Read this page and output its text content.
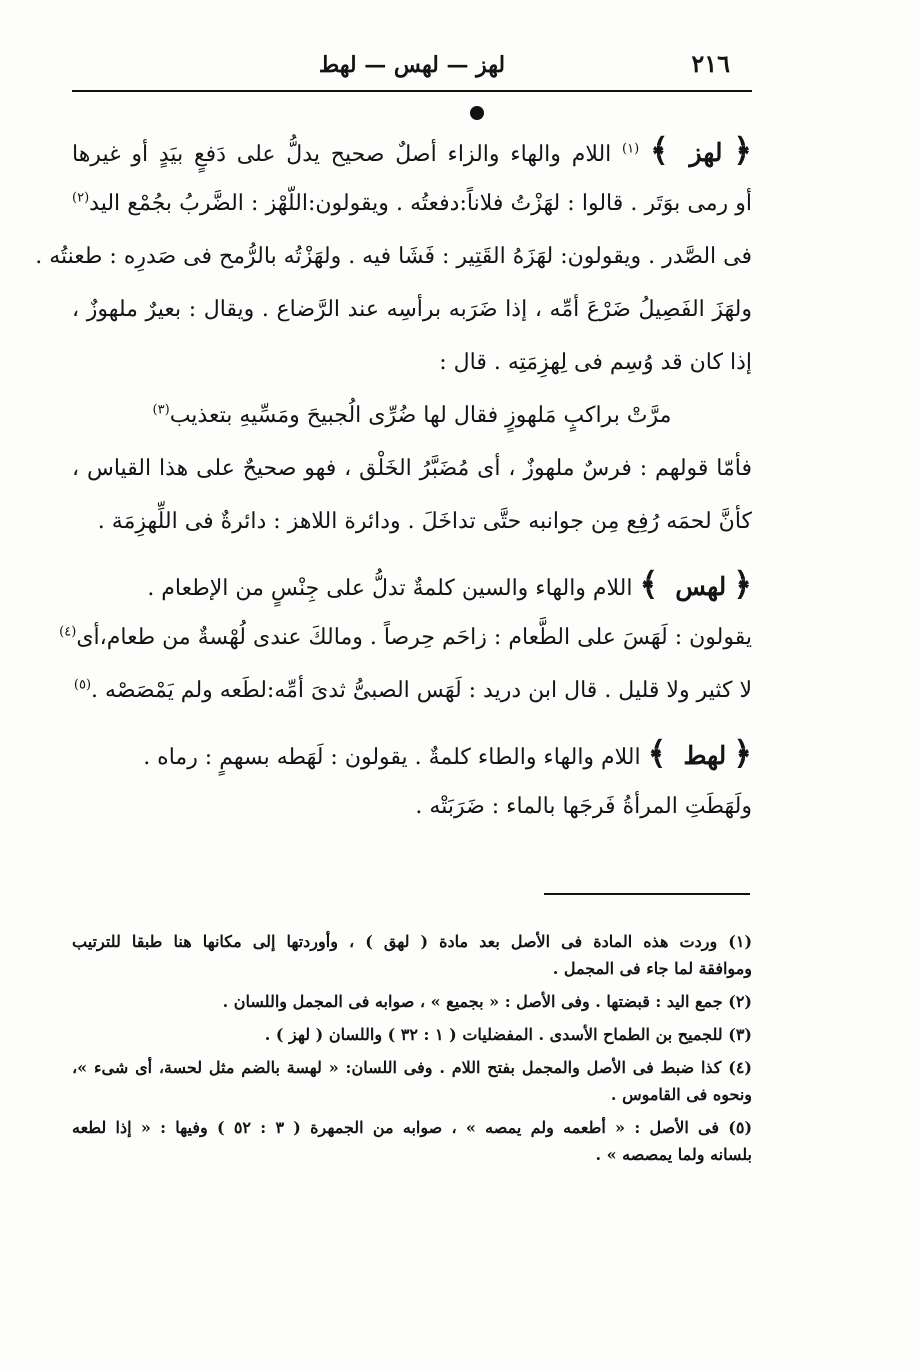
لهز — لهس — لهط	٢١٦
﴿ لهز ﴾ $^{(١)}$ اللام والهاء والزاء أصلٌ صحيح يدلُّ على دَفعٍ بيَدٍ أو غيرها
أو رمى بوَتَر . قالوا : لهَزْتُ فلاناً:دفعتُه . ويقولون:اللّهْز : الضَّربُ بجُمْع اليد$^{(٢)}$
فى الصَّدر . ويقولون: لهَزَهُ القَتِير : فَشَا فيه . ولهَزْتُه بالرُّمح فى صَدرِه : طعنتُه .
ولهَزَ الفَصِيلُ ضَرْعَ أمِّه ، إذا ضَرَبه برأسِه عند الرَّضاع . ويقال : بعيرٌ ملهوزٌ ،
إذا كان قد وُسِم فى لِهزِمَتِه . قال :
مرَّتْ براكبٍ مَلهوزٍ فقال لها ضُرِّى الُجبيحَ ومَسِّيهِ بتعذيب$^{(٣)}$
فأمّا قولهم : فرسٌ ملهوزٌ ، أى مُضَبَّرُ الخَلْق ، فهو صحيحٌ على هذا القياس ،
كأنَّ لحمَه رُفِع مِن جوانبه حتَّى تداخَلَ . ودائرة اللاهز : دائرةٌ فى اللِّهزِمَة .
﴿ لهس ﴾ اللام والهاء والسين كلمةٌ تدلُّ على جِنْسٍ من الإطعام .
يقولون : لَهَسَ على الطَّعام : زاحَم حِرصاً . ومالكَ عندى لُهْسةٌ من طعام،أى$^{(٤)}$
لا كثير ولا قليل . قال ابن دريد : لَهَس الصبىُّ ثدىَ أمِّه:لطَعه ولم يَمْصَصْه .$^{(٥)}$
﴿ لهط ﴾ اللام والهاء والطاء كلمةٌ . يقولون : لَهَطه بسهمٍ : رماه .
ولَهَطَتِ المرأةُ فَرجَها بالماء : ضَرَبَتْه .
(١) وردت هذه المادة فى الأصل بعد مادة ( لهق ) ، وأوردتها إلى مكانها هنا طبقا للترتيب
وموافقة لما جاء فى المجمل .
(٢) جمع اليد : قبضتها . وفى الأصل : « بجميع » ، صوابه فى المجمل واللسان .
(٣) للجميح بن الطماح الأسدى . المفضليات ( ١ : ٣٢ ) واللسان ( لهز ) .
(٤) كذا ضبط فى الأصل والمجمل بفتح اللام . وفى اللسان: « لهسة بالضم مثل لحسة، أى شىء »،
ونحوه فى القاموس .
(٥) فى الأصل : « أطعمه ولم يمصه » ، صوابه من الجمهرة ( ٣ : ٥٢ ) وفيها : « إذا لطعه
بلسانه ولما يمصصه » .
